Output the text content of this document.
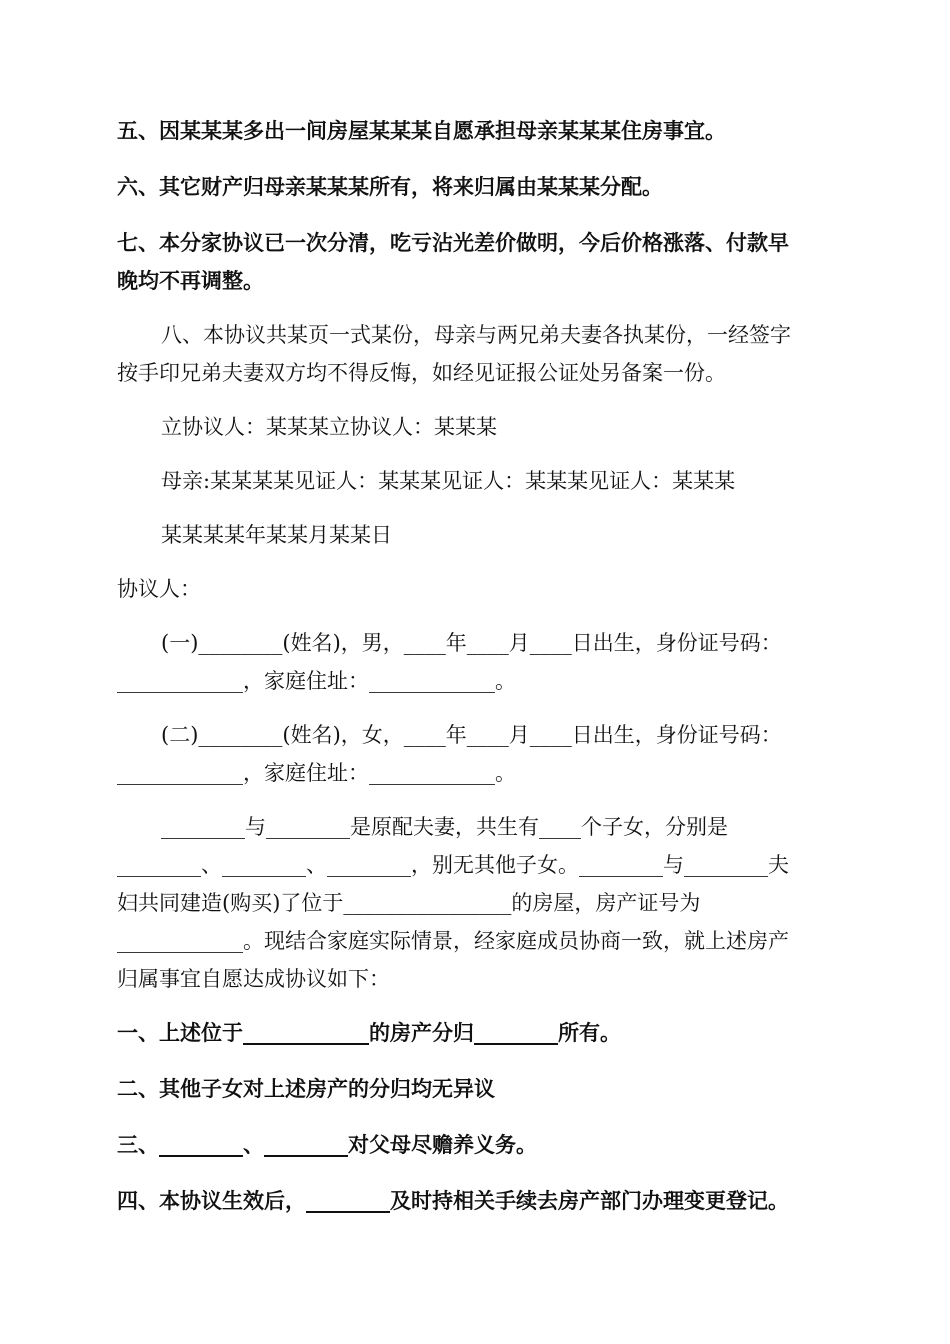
五、因某某某多出一间房屋某某某自愿承担母亲某某某住房事宜。

六、其它财产归母亲某某某所有，将来归属由某某某分配。

七、本分家协议已一次分清，吃亏沾光差价做明，今后价格涨落、付款早

晚均不再调整。

八、本协议共某页一式某份，母亲与两兄弟夫妻各执某份，一经签字

按手印兄弟夫妻双方均不得反悔，如经见证报公证处另备案一份。

立协议人：某某某立协议人：某某某

母亲:某某某某见证人：某某某见证人：某某某见证人：某某某

某某某某年某某月某某日

协议人：

(一)________(姓名)，男，____年____月____日出生，身份证号码：

____________，家庭住址：____________。

(二)________(姓名)，女，____年____月____日出生，身份证号码：

____________，家庭住址：____________。

________与________是原配夫妻，共生有____个子女，分别是

________、________、________，别无其他子女。________与________夫

妇共同建造(购买)了位于________________的房屋，房产证号为

____________。现结合家庭实际情景，经家庭成员协商一致，就上述房产

归属事宜自愿达成协议如下：

一、上述位于____________的房产分归________所有。

二、其他子女对上述房产的分归均无异议

三、________、________对父母尽赡养义务。

四、本协议生效后，________及时持相关手续去房产部门办理变更登记。
